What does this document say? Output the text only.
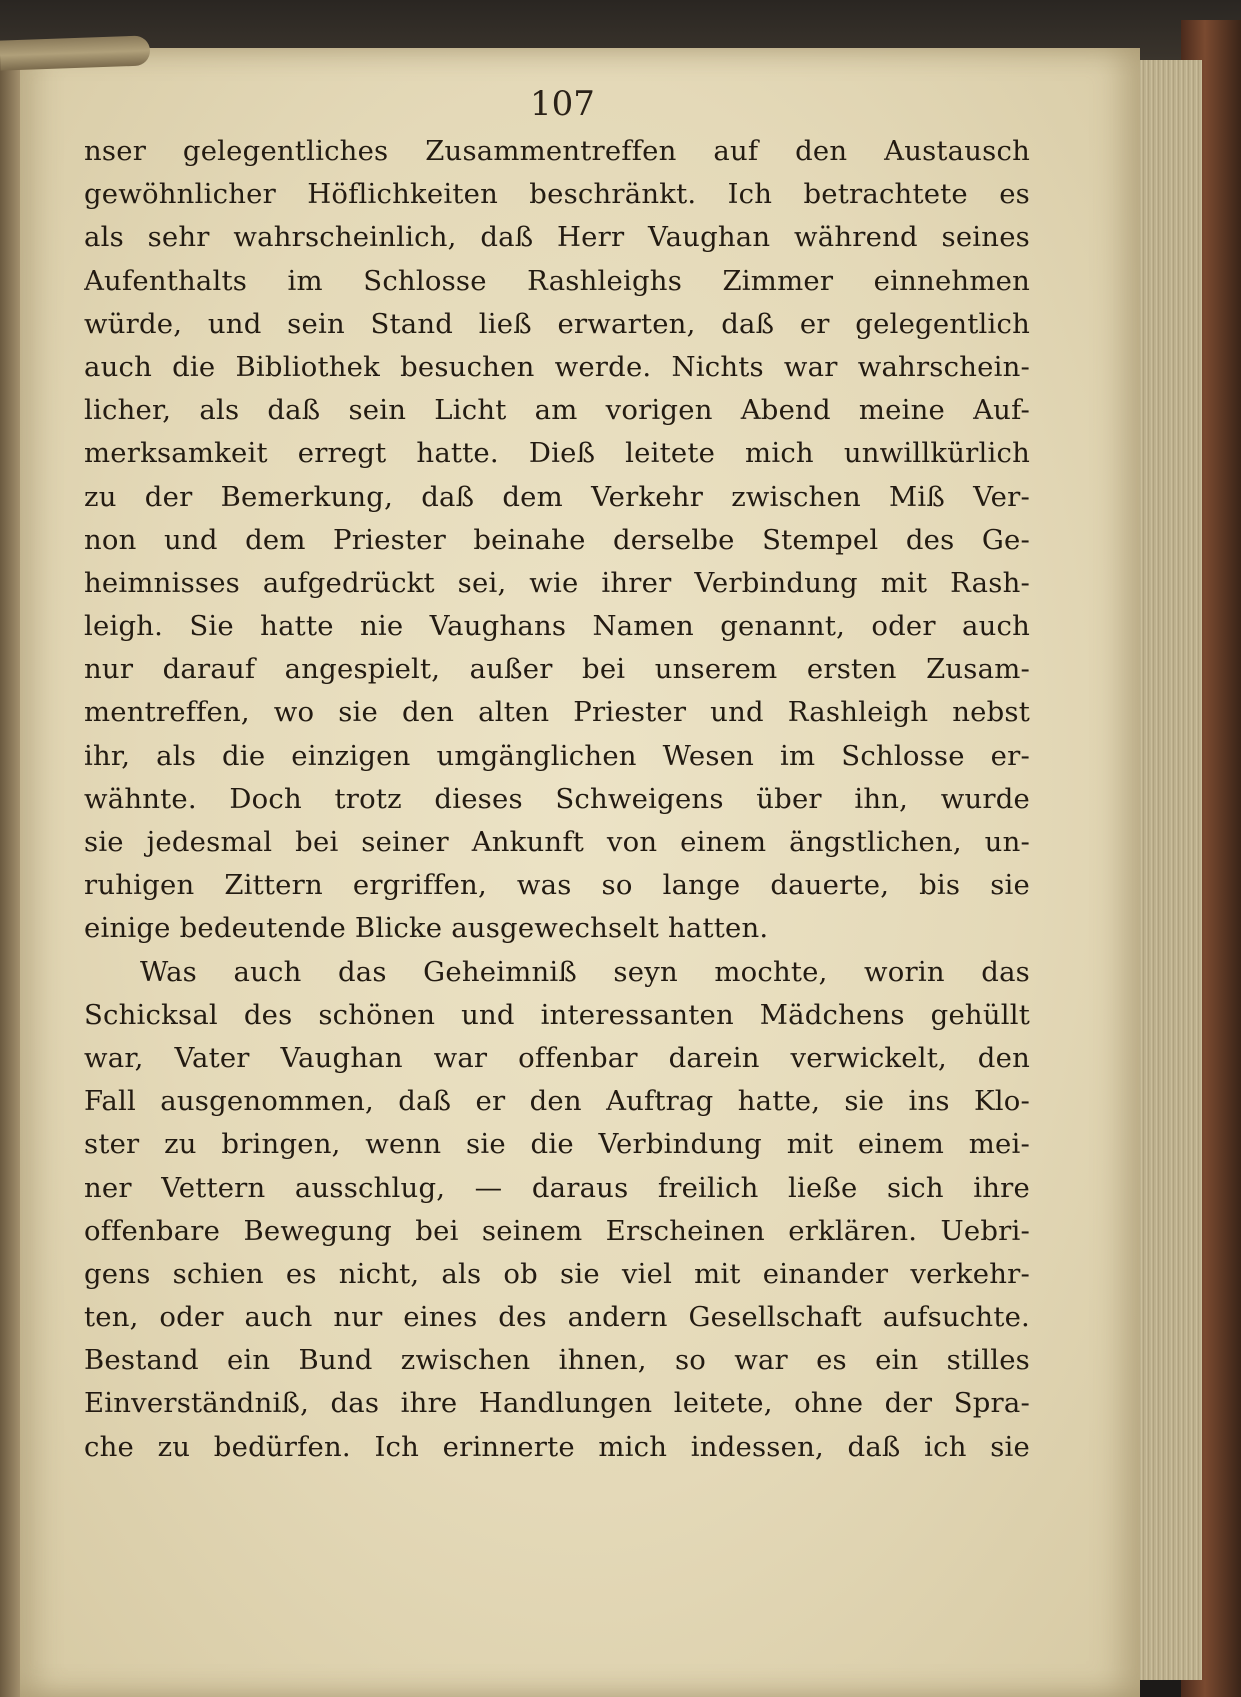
107
nser gelegentliches Zusammentreffen auf den Austausch
gewöhnlicher Höflichkeiten beschränkt. Ich betrachtete es
als sehr wahrscheinlich, daß Herr Vaughan während seines
Aufenthalts im Schlosse Rashleighs Zimmer einnehmen
würde, und sein Stand ließ erwarten, daß er gelegentlich
auch die Bibliothek besuchen werde. Nichts war wahrschein-
licher, als daß sein Licht am vorigen Abend meine Auf-
merksamkeit erregt hatte. Dieß leitete mich unwillkürlich
zu der Bemerkung, daß dem Verkehr zwischen Miß Ver-
non und dem Priester beinahe derselbe Stempel des Ge-
heimnisses aufgedrückt sei, wie ihrer Verbindung mit Rash-
leigh. Sie hatte nie Vaughans Namen genannt, oder auch
nur darauf angespielt, außer bei unserem ersten Zusam-
mentreffen, wo sie den alten Priester und Rashleigh nebst
ihr, als die einzigen umgänglichen Wesen im Schlosse er-
wähnte. Doch trotz dieses Schweigens über ihn, wurde
sie jedesmal bei seiner Ankunft von einem ängstlichen, un-
ruhigen Zittern ergriffen, was so lange dauerte, bis sie
einige bedeutende Blicke ausgewechselt hatten.
Was auch das Geheimniß seyn mochte, worin das
Schicksal des schönen und interessanten Mädchens gehüllt
war, Vater Vaughan war offenbar darein verwickelt, den
Fall ausgenommen, daß er den Auftrag hatte, sie ins Klo-
ster zu bringen, wenn sie die Verbindung mit einem mei-
ner Vettern ausschlug, — daraus freilich ließe sich ihre
offenbare Bewegung bei seinem Erscheinen erklären. Uebri-
gens schien es nicht, als ob sie viel mit einander verkehr-
ten, oder auch nur eines des andern Gesellschaft aufsuchte.
Bestand ein Bund zwischen ihnen, so war es ein stilles
Einverständniß, das ihre Handlungen leitete, ohne der Spra-
che zu bedürfen. Ich erinnerte mich indessen, daß ich sie
